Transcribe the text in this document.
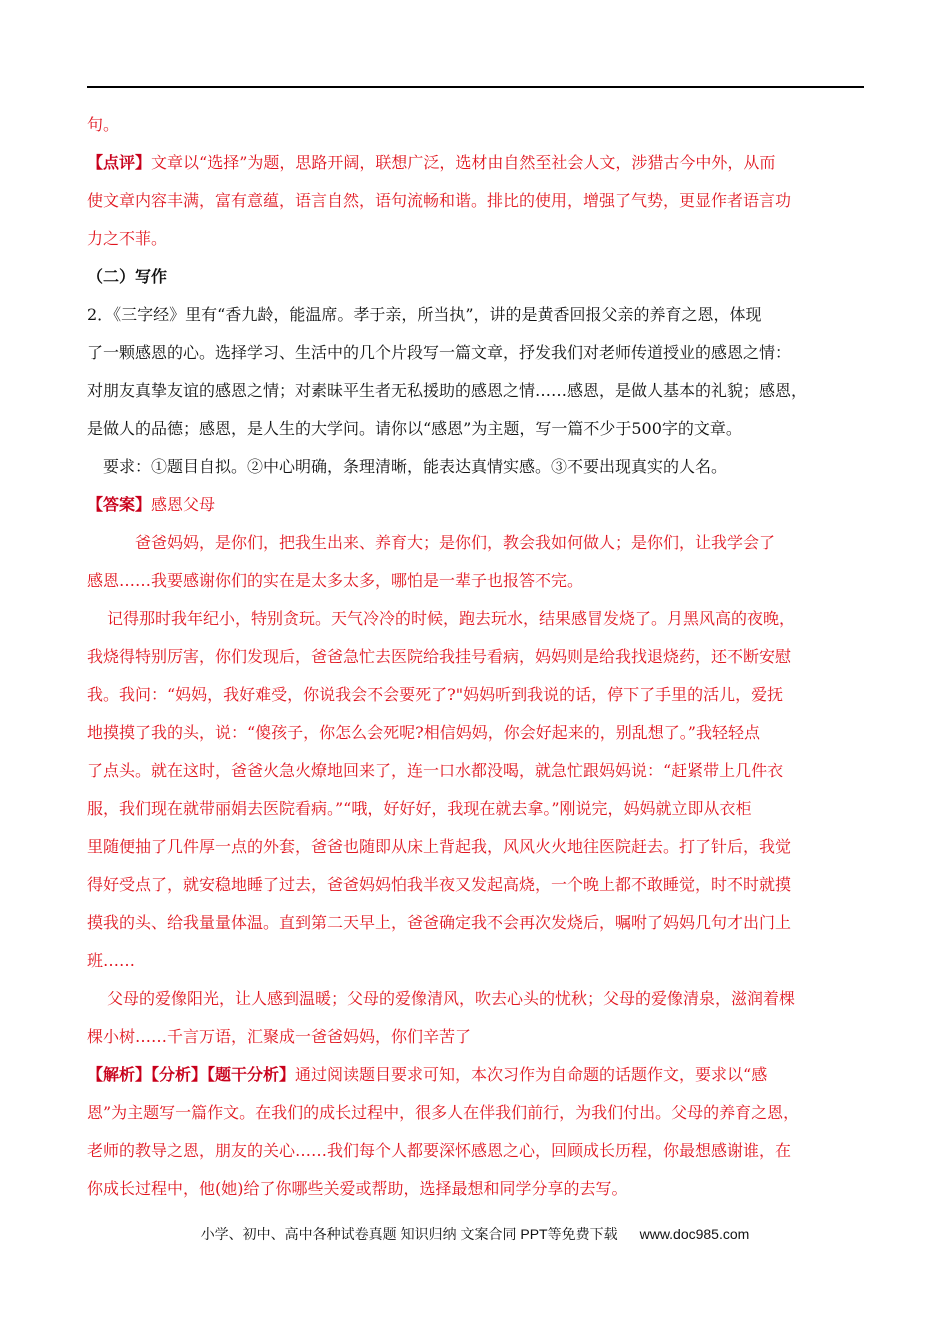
句。
【点评】文章以“选择”为题，思路开阔，联想广泛，选材由自然至社会人文，涉猎古今中外，从而
使文章内容丰满，富有意蕴，语言自然，语句流畅和谐。排比的使用，增强了气势，更显作者语言功
力之不菲。
（二）写作
2．《三字经》里有“香九龄，能温席。孝于亲，所当执”，讲的是黄香回报父亲的养育之恩，体现
了一颗感恩的心。选择学习、生活中的几个片段写一篇文章，抒发我们对老师传道授业的感恩之情：
对朋友真挚友谊的感恩之情；对素昧平生者无私援助的感恩之情……感恩，是做人基本的礼貌；感恩，
是做人的品德；感恩，是人生的大学问。请你以“感恩”为主题，写一篇不少于500字的文章。
要求：①题目自拟。②中心明确，条理清晰，能表达真情实感。③不要出现真实的人名。
【答案】感恩父母
爸爸妈妈，是你们，把我生出来、养育大；是你们，教会我如何做人；是你们，让我学会了
感恩……我要感谢你们的实在是太多太多，哪怕是一辈子也报答不完。
记得那时我年纪小，特别贪玩。天气冷冷的时候，跑去玩水，结果感冒发烧了。月黑风高的夜晚，
我烧得特别厉害，你们发现后，爸爸急忙去医院给我挂号看病，妈妈则是给我找退烧药，还不断安慰
我。我问：“妈妈，我好难受，你说我会不会要死了?"妈妈听到我说的话，停下了手里的活儿，爱抚
地摸摸了我的头，说：“傻孩子，你怎么会死呢?相信妈妈，你会好起来的，别乱想了。”我轻轻点
了点头。就在这时，爸爸火急火燎地回来了，连一口水都没喝，就急忙跟妈妈说：“赶紧带上几件衣
服，我们现在就带丽娟去医院看病。”“哦，好好好，我现在就去拿。”刚说完，妈妈就立即从衣柜
里随便抽了几件厚一点的外套，爸爸也随即从床上背起我，风风火火地往医院赶去。打了针后，我觉
得好受点了，就安稳地睡了过去，爸爸妈妈怕我半夜又发起高烧，一个晚上都不敢睡觉，时不时就摸
摸我的头、给我量量体温。直到第二天早上，爸爸确定我不会再次发烧后，嘱咐了妈妈几句才出门上
班……
父母的爱像阳光，让人感到温暖；父母的爱像清风，吹去心头的忧秋；父母的爱像清泉，滋润着棵
棵小树……千言万语，汇聚成一爸爸妈妈，你们辛苦了
【解析】【分析】【题干分析】通过阅读题目要求可知，本次习作为自命题的话题作文，要求以“感
恩”为主题写一篇作文。在我们的成长过程中，很多人在伴我们前行，为我们付出。父母的养育之恩，
老师的教导之恩，朋友的关心……我们每个人都要深怀感恩之心，回顾成长历程，你最想感谢谁，在
你成长过程中，他(她)给了你哪些关爱或帮助，选择最想和同学分享的去写。
小学、初中、高中各种试卷真题 知识归纳 文案合同 PPT等免费下载 www.doc985.com
